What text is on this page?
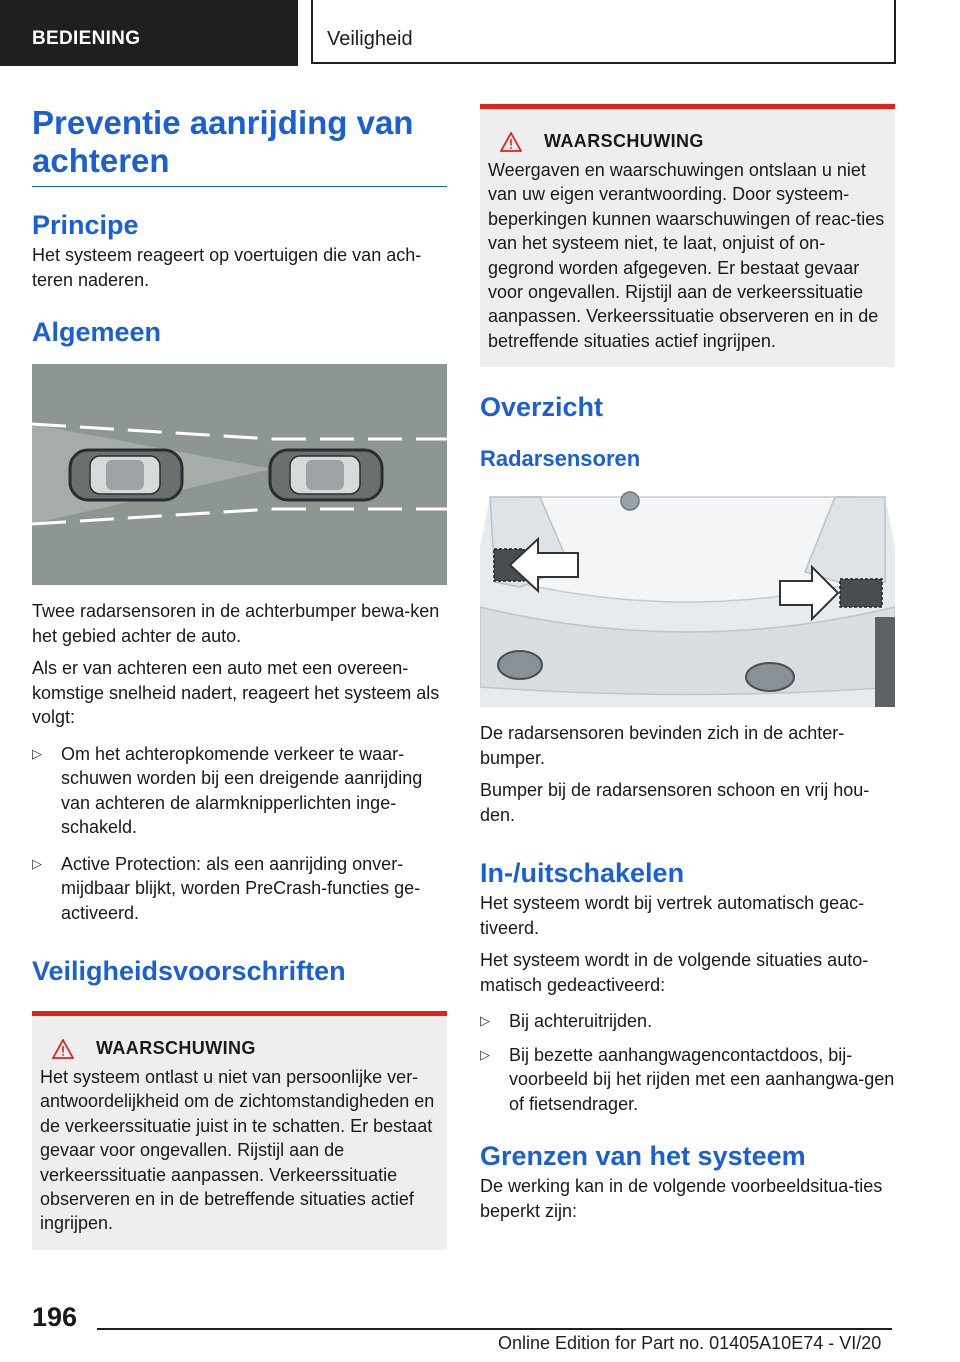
BEDIENING	Veiligheid
Preventie aanrijding van achteren
Principe

Het systeem reageert op voertuigen die van ach‐teren naderen.

Algemeen

Twee radarsensoren in de achterbumper bewa‐ken het gebied achter de auto.

Als er van achteren een auto met een overeen‐komstige snelheid nadert, reageert het systeem als volgt:

▷ Om het achteropkomende verkeer te waar‐schuwen worden bij een dreigende aanrijding van achteren de alarmknipperlichten inge‐schakeld.
▷ Active Protection: als een aanrijding onver‐mijdbaar blijkt, worden PreCrash-functies ge‐activeerd.
Veiligheidsvoorschriften
WAARSCHUWING

Het systeem ontlast u niet van persoonlijke ver‐antwoordelijkheid om de zichtomstandigheden en de verkeerssituatie juist in te schatten. Er bestaat gevaar voor ongevallen. Rijstijl aan de verkeerssituatie aanpassen. Verkeerssituatie observeren en in de betreffende situaties actief ingrijpen.

WAARSCHUWING

Weergaven en waarschuwingen ontslaan u niet van uw eigen verantwoording. Door systeem‐beperkingen kunnen waarschuwingen of reac‐ties van het systeem niet, te laat, onjuist of on‐gegrond worden afgegeven. Er bestaat gevaar voor ongevallen. Rijstijl aan de verkeerssituatie aanpassen. Verkeerssituatie observeren en in de betreffende situaties actief ingrijpen.

Overzicht
Radarsensoren

De radarsensoren bevinden zich in de achter‐bumper.

Bumper bij de radarsensoren schoon en vrij hou‐den.

In-/uitschakelen

Het systeem wordt bij vertrek automatisch geac‐tiveerd.

Het systeem wordt in de volgende situaties auto‐matisch gedeactiveerd:

▷ Bij achteruitrijden.
▷ Bij bezette aanhangwagencontactdoos, bij‐voorbeeld bij het rijden met een aanhangwa‐gen of fietsendrager.
Grenzen van het systeem

De werking kan in de volgende voorbeeldsitua‐ties beperkt zijn:

196
Online Edition for Part no. 01405A10E74 - VI/20
